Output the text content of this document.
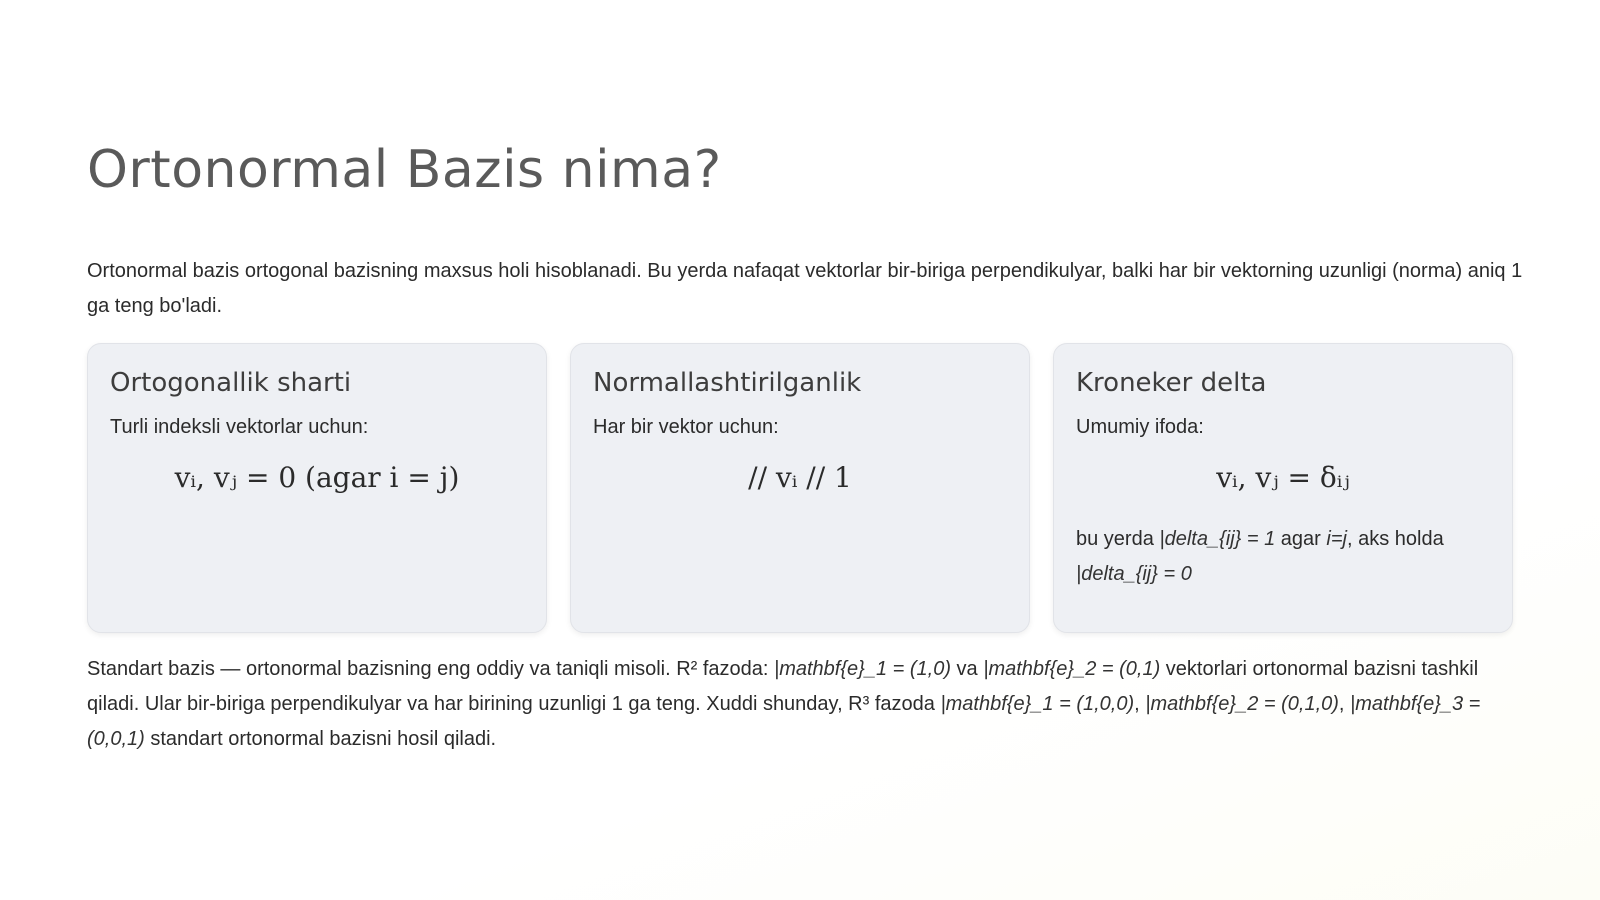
Ortonormal Bazis nima?

Ortonormal bazis ortogonal bazisning maxsus holi hisoblanadi. Bu yerda nafaqat vektorlar bir-biriga perpendikulyar, balki har bir vektorning uzunligi (norma) aniq 1 ga teng bo'ladi.

Ortogonallik sharti
Turli indeksli vektorlar uchun:
vᵢ, vⱼ = 0 (agar i = j)
Normallashtirilganlik
Har bir vektor uchun:
// vᵢ // 1
Kroneker delta
Umumiy ifoda:
vᵢ, vⱼ = δᵢⱼ

bu yerda |delta_{ij} = 1 agar i=j, aks holda |delta_{ij} = 0

Standart bazis — ortonormal bazisning eng oddiy va taniqli misoli. R² fazoda: |mathbf{e}_1 = (1,0) va |mathbf{e}_2 = (0,1) vektorlari ortonormal bazisni tashkil qiladi. Ular bir-biriga perpendikulyar va har birining uzunligi 1 ga teng. Xuddi shunday, R³ fazoda |mathbf{e}_1 = (1,0,0), |mathbf{e}_2 = (0,1,0), |mathbf{e}_3 = (0,0,1) standart ortonormal bazisni hosil qiladi.
